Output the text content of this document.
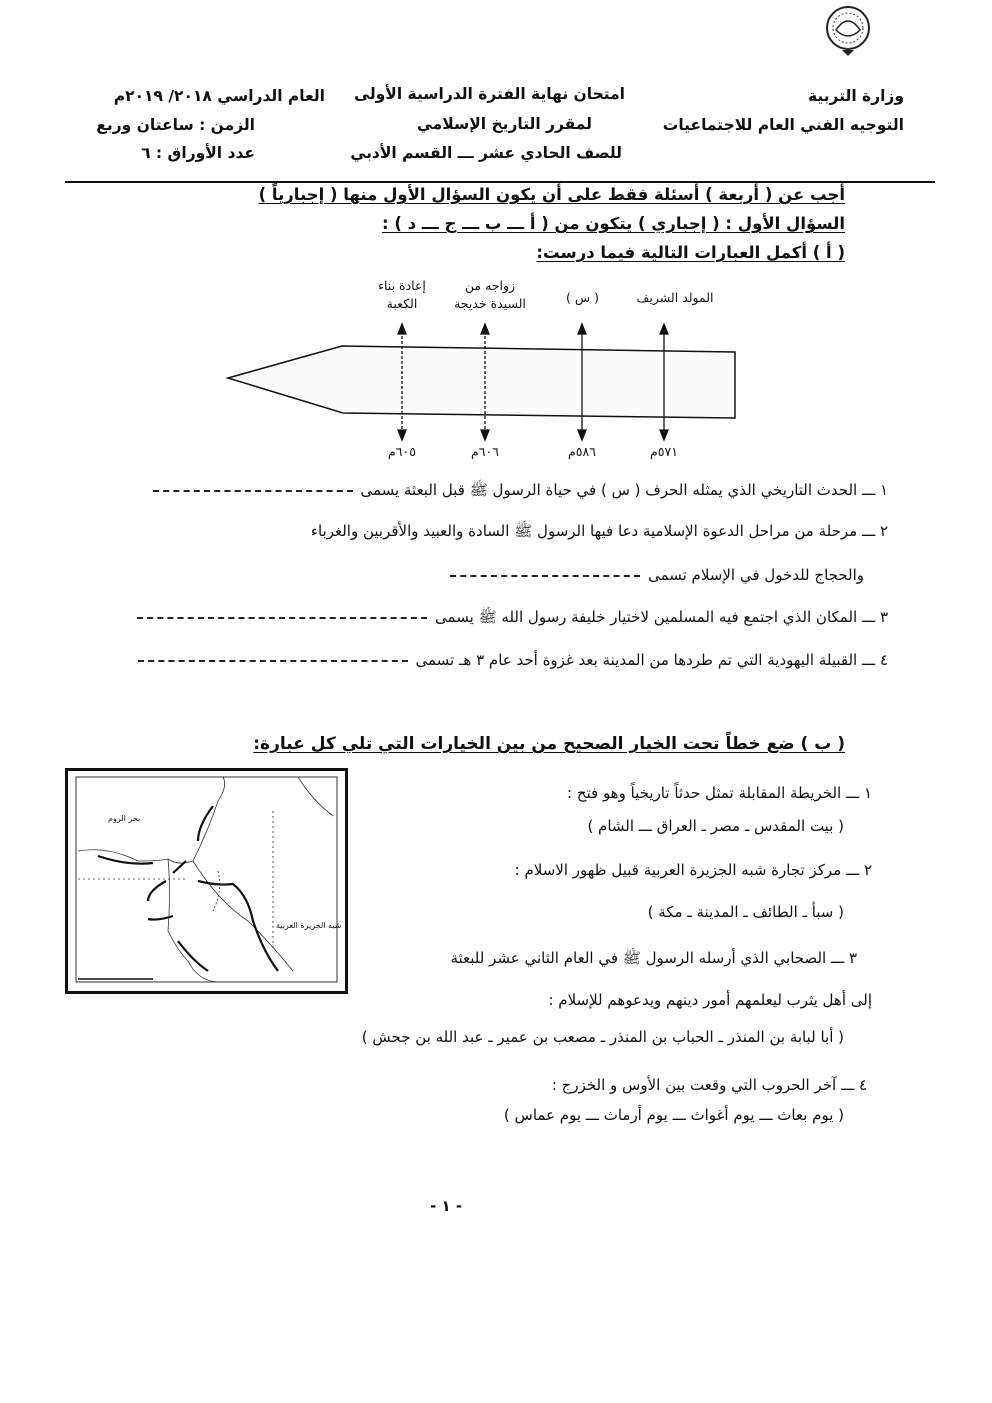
وزارة التربية
التوجيه الفني العام للاجتماعيات
امتحان نهاية الفترة الدراسية الأولى
لمقرر التاريخ الإسلامي
للصف الحادي عشر ـــ القسم الأدبي
العام الدراسي ٢٠١٨/ ٢٠١٩م
الزمن : ساعتان وربع
عدد الأوراق : ٦
أجب عن ( أربعة ) أسئلة فقط على أن يكون السؤال الأول منها ( إجبارياً )
السؤال الأول : ( إجباري ) يتكون من ( أ ـــ ب ـــ ج ـــ د ) :
( أ ) أكمل العبارات التالية فيما درست:
المولد الشريف
( س )
زواجه من
السيدة خديجة
إعادة بناء
الكعبة
٥٧١م
٥٨٦م
٦٠٦م
٦٠٥م
١ ـــ الحدث التاريخي الذي يمثله الحرف ( س ) في حياة الرسول ﷺ قبل البعثة يسمى
٢ ـــ مرحلة من مراحل الدعوة الإسلامية دعا فيها الرسول ﷺ السادة والعبيد والأقربين والغرباء
والحجاج للدخول في الإسلام تسمى
٣ ـــ المكان الذي اجتمع فيه المسلمين لاختيار خليفة رسول الله ﷺ يسمى
٤ ـــ القبيلة اليهودية التي تم طردها من المدينة بعد غزوة أحد عام ٣ هـ تسمى
( ب ) ضع خطاً تحت الخيار الصحيح من بين الخيارات التي تلي كل عبارة:
بحر الروم
شبه الجزيرة العربية
١ ـــ الخريطة المقابلة تمثل حدثاً تاريخياً وهو فتح :
( بيت المقدس ـ مصر ـ العراق ـــ الشام )
٢ ـــ مركز تجارة شبه الجزيرة العربية قبيل ظهور الاسلام :
( سبأ ـ الطائف ـ المدينة ـ مكة )
٣ ـــ الصحابي الذي أرسله الرسول ﷺ في العام الثاني عشر للبعثة
إلى أهل يثرب ليعلمهم أمور دينهم ويدعوهم للإسلام :
( أبا لبابة بن المنذر ـ الحباب بن المنذر ـ مصعب بن عمير ـ عبد الله بن جحش )
٤ ـــ آخر الحروب التي وقعت بين الأوس و الخزرج :
( يوم بعاث ـــ يوم أغواث ـــ يوم أرماث ـــ يوم عماس )
- ١ -
